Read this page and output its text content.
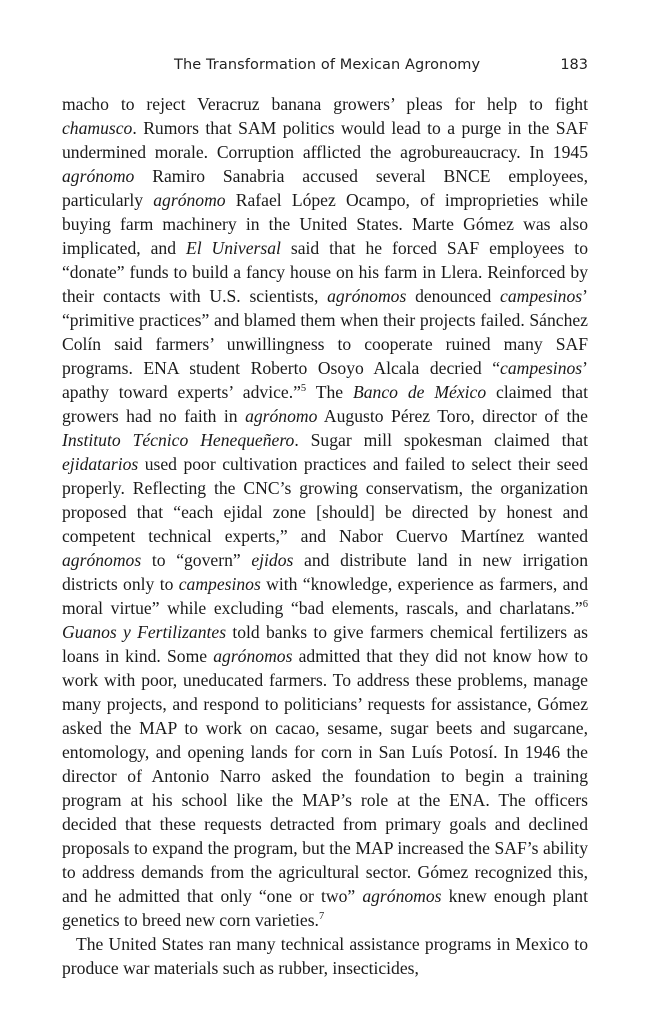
The Transformation of Mexican Agronomy	183

macho to reject Veracruz banana growers’ pleas for help to fight chamusco. Rumors that SAM politics would lead to a purge in the SAF undermined morale. Corruption afflicted the agrobureaucracy. In 1945 agrónomo Ramiro Sanabria accused several BNCE employees, particularly agrónomo Rafael López Ocampo, of improprieties while buying farm machinery in the United States. Marte Gómez was also implicated, and El Universal said that he forced SAF employees to “donate” funds to build a fancy house on his farm in Llera. Reinforced by their contacts with U.S. scientists, agrónomos denounced campesinos’ “primitive practices” and blamed them when their projects failed. Sánchez Colín said farmers’ unwillingness to cooperate ruined many SAF programs. ENA student Roberto Osoyo Alcala decried “campesinos’ apathy toward experts’ advice.”$^5$ The Banco de México claimed that growers had no faith in agrónomo Augusto Pérez Toro, director of the Instituto Técnico Henequeñero. Sugar mill spokesman claimed that ejidatarios used poor cultivation practices and failed to select their seed properly. Reflecting the CNC’s growing conservatism, the organization proposed that “each ejidal zone [should] be directed by honest and competent technical experts,” and Nabor Cuervo Martínez wanted agrónomos to “govern” ejidos and distribute land in new irrigation districts only to campesinos with “knowledge, experience as farmers, and moral virtue” while excluding “bad elements, rascals, and charlatans.”$^6$ Guanos y Fertilizantes told banks to give farmers chemical fertilizers as loans in kind. Some agrónomos admitted that they did not know how to work with poor, uneducated farmers. To address these problems, manage many projects, and respond to politicians’ requests for assistance, Gómez asked the MAP to work on cacao, sesame, sugar beets and sugarcane, entomology, and opening lands for corn in San Luís Potosí. In 1946 the director of Antonio Narro asked the foundation to begin a training program at his school like the MAP’s role at the ENA. The officers decided that these requests detracted from primary goals and declined proposals to expand the program, but the MAP increased the SAF’s ability to address demands from the agricultural sector. Gómez recognized this, and he admitted that only “one or two” agrónomos knew enough plant genetics to breed new corn varieties.$^7$

The United States ran many technical assistance programs in Mexico to produce war materials such as rubber, insecticides,
